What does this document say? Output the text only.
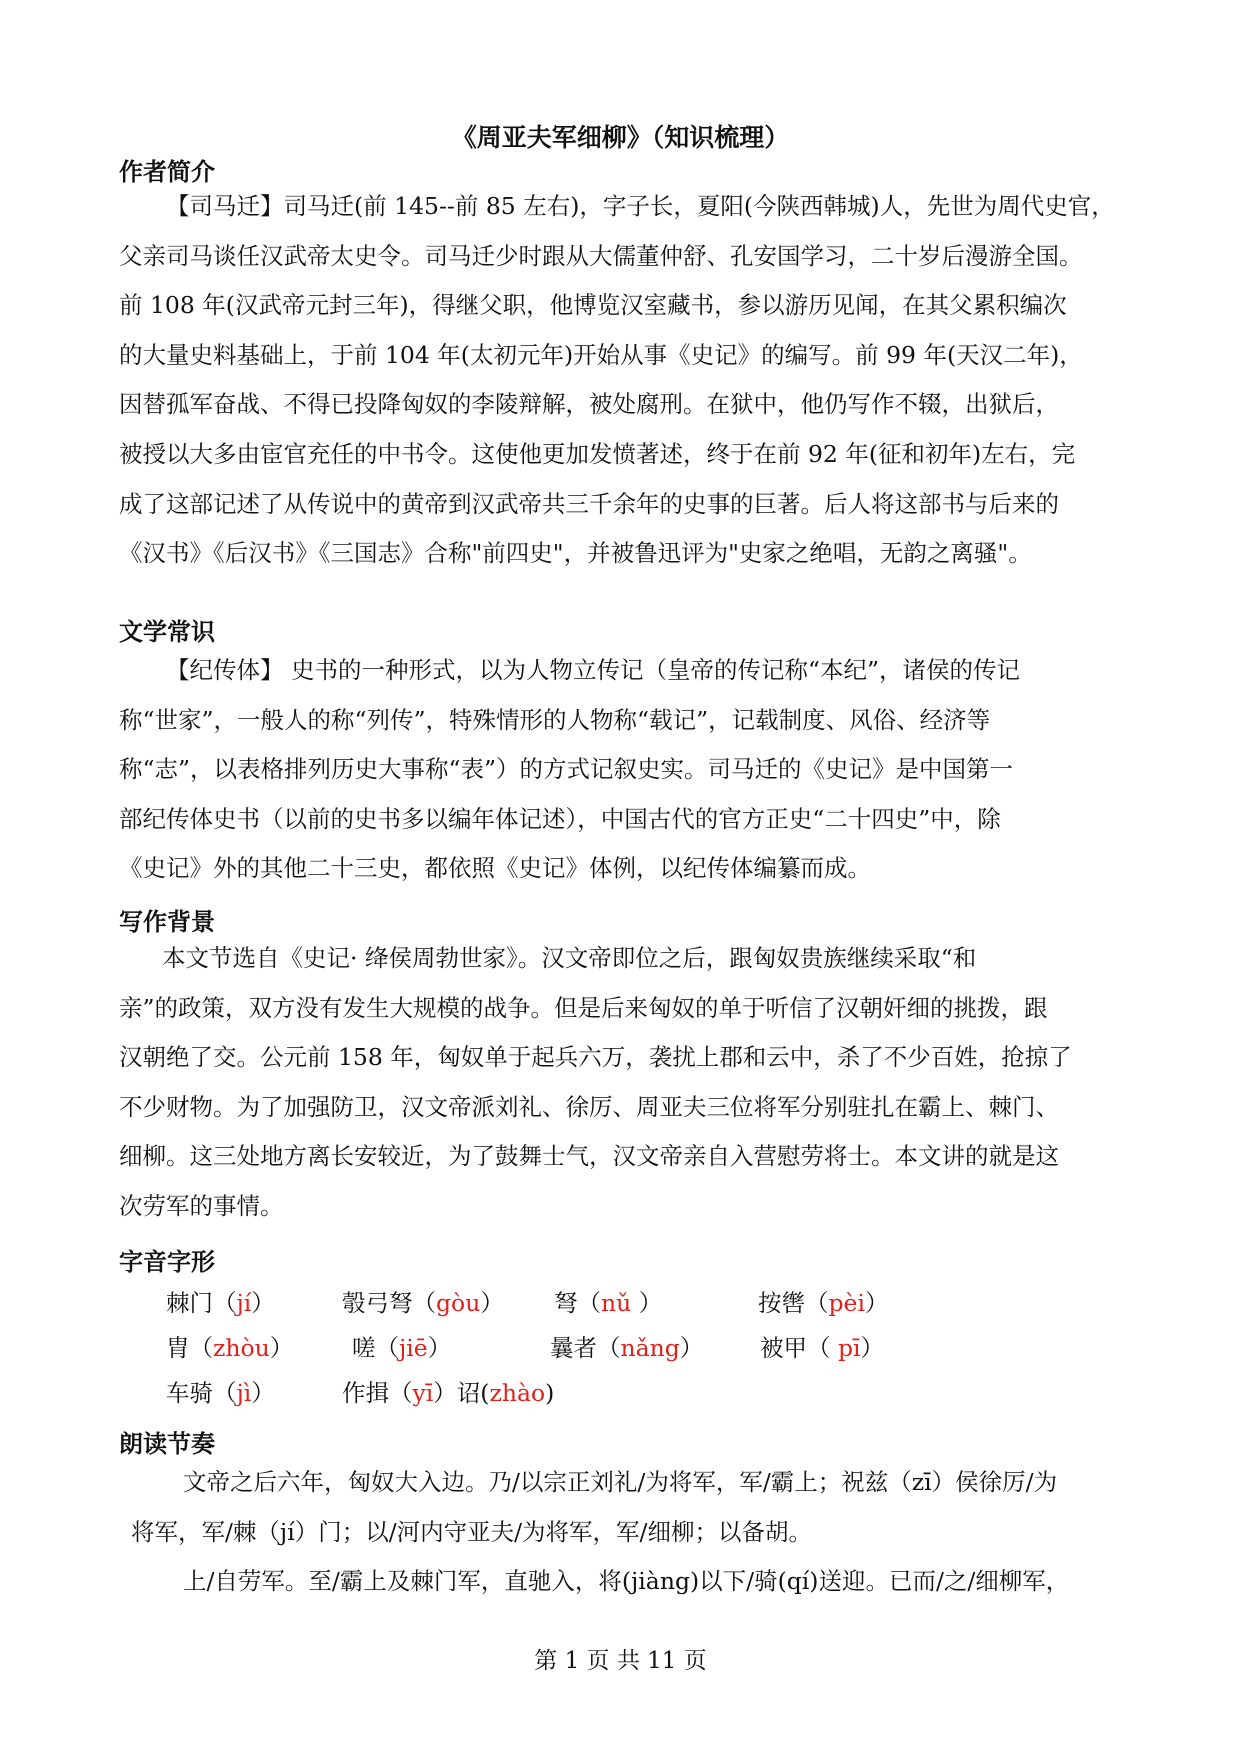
《周亚夫军细柳》（知识梳理）
作者简介
【司马迁】司马迁(前 145--前 85 左右)，字子长，夏阳(今陕西韩城)人，先世为周代史官，
父亲司马谈任汉武帝太史令。司马迁少时跟从大儒董仲舒、孔安国学习，二十岁后漫游全国。
前 108 年(汉武帝元封三年)，得继父职，他博览汉室藏书，参以游历见闻，在其父累积编次
的大量史料基础上，于前 104 年(太初元年)开始从事《史记》的编写。前 99 年(天汉二年)，
因替孤军奋战、不得已投降匈奴的李陵辩解，被处腐刑。在狱中，他仍写作不辍，出狱后，
被授以大多由宦官充任的中书令。这使他更加发愤著述，终于在前 92 年(征和初年)左右，完
成了这部记述了从传说中的黄帝到汉武帝共三千余年的史事的巨著。后人将这部书与后来的
《汉书》《后汉书》《三国志》合称"前四史"，并被鲁迅评为"史家之绝唱，无韵之离骚"。
文学常识
【纪传体】 史书的一种形式，以为人物立传记（皇帝的传记称“本纪”，诸侯的传记
称“世家”，一般人的称“列传”，特殊情形的人物称“载记”，记载制度、风俗、经济等
称“志”，以表格排列历史大事称“表”）的方式记叙史实。司马迁的《史记》是中国第一
部纪传体史书（以前的史书多以编年体记述），中国古代的官方正史“二十四史”中，除
《史记》外的其他二十三史，都依照《史记》体例，以纪传体编纂而成。
写作背景
本文节选自《史记· 绛侯周勃世家》。汉文帝即位之后，跟匈奴贵族继续采取“和
亲”的政策，双方没有发生大规模的战争。但是后来匈奴的单于听信了汉朝奸细的挑拨，跟
汉朝绝了交。公元前 158 年，匈奴单于起兵六万，袭扰上郡和云中，杀了不少百姓，抢掠了
不少财物。为了加强防卫，汉文帝派刘礼、徐厉、周亚夫三位将军分别驻扎在霸上、棘门、
细柳。这三处地方离长安较近，为了鼓舞士气，汉文帝亲自入营慰劳将士。本文讲的就是这
次劳军的事情。
字音字形
棘门（jí）	彀弓弩（gòu） 弩（nǔ ）	按辔（pèi）
胄（zhòu） 嗟（jiē）	曩者（nǎng） 被甲（ pī）
车骑（jì）	作揖（yī）诏(zhào)
朗读节奏
文帝之后六年，匈奴大入边。乃/以宗正刘礼/为将军，军/霸上；祝兹（zī）侯徐厉/为
将军，军/棘（jí）门；以/河内守亚夫/为将军，军/细柳；以备胡。
上/自劳军。至/霸上及棘门军，直驰入，将(jiàng)以下/骑(qí)送迎。已而/之/细柳军，
第 1 页 共 11 页
